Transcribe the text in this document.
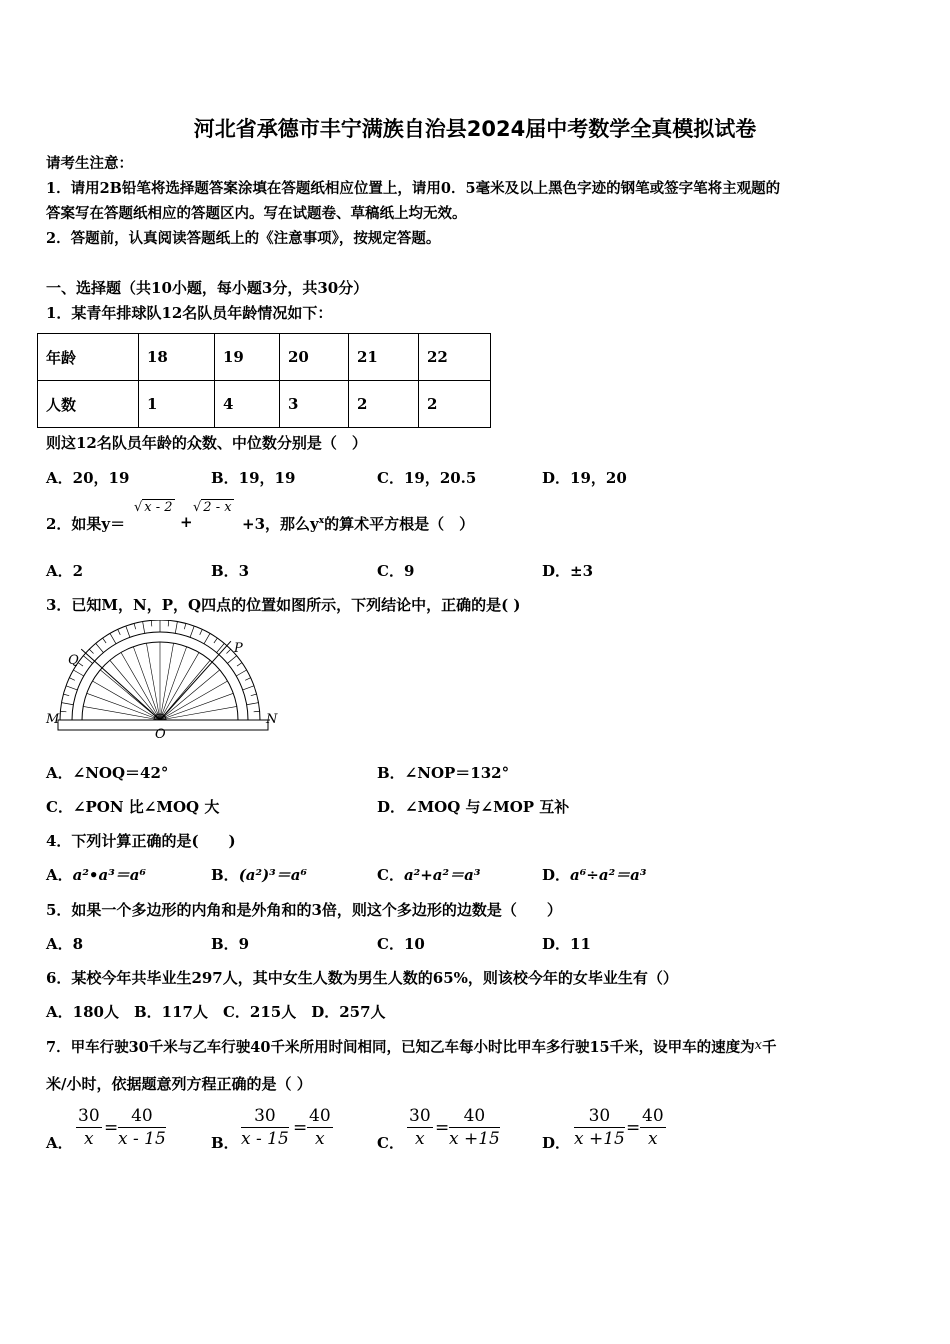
河北省承德市丰宁满族自治县2024届中考数学全真模拟试卷
请考生注意：
1．请用2B铅笔将选择题答案涂填在答题纸相应位置上，请用0．5毫米及以上黑色字迹的钢笔或签字笔将主观题的
答案写在答题纸相应的答题区内。写在试题卷、草稿纸上均无效。
2．答题前，认真阅读答题纸上的《注意事项》，按规定答题。
一、选择题（共10小题，每小题3分，共30分）
1．某青年排球队12名队员年龄情况如下：
年龄	18	19	20	21	22
人数	1	4	3	2	2
则这12名队员年龄的众数、中位数分别是（　）
A．20，19	B．19，19	C．19，20.5	D．19，20
2．如果y＝
√ x - 2
+
√ 2 - x
+3，那么$y^x$的算术平方根是（　）
A．2	B．3	C．9	D．±3
3．已知M，N，P，Q四点的位置如图所示，下列结论中，正确的是( )
M	N
O
P
Q
A．∠NOQ＝42°	B．∠NOP＝132°
C．∠PON 比∠MOQ 大	D．∠MOQ 与∠MOP 互补
4．下列计算正确的是(　　)
A．a²•a³＝a⁶	B．(a²)³＝a⁶	C．a²+a²＝a³	D．a⁶÷a²＝a³
5．如果一个多边形的内角和是外角和的3倍，则这个多边形的边数是（　　）
A．8	B．9	C．10	D．11
6．某校今年共毕业生297人，其中女生人数为男生人数的65%，则该校今年的女毕业生有（）
A．180人　B．117人　C．215人　D．257人
7．甲车行驶30千米与乙车行驶40千米所用时间相同，已知乙车每小时比甲车多行驶15千米，设甲车的速度为x千
米/小时，依据题意列方程正确的是（ ）
A． $\frac{30}{x} = \frac{40}{x - 15}$	B． $\frac{30}{x - 15} = \frac{40}{x}$	C． $\frac{30}{x} = \frac{40}{x +15}$	D． $\frac{30}{x +15} = \frac{40}{x}$
